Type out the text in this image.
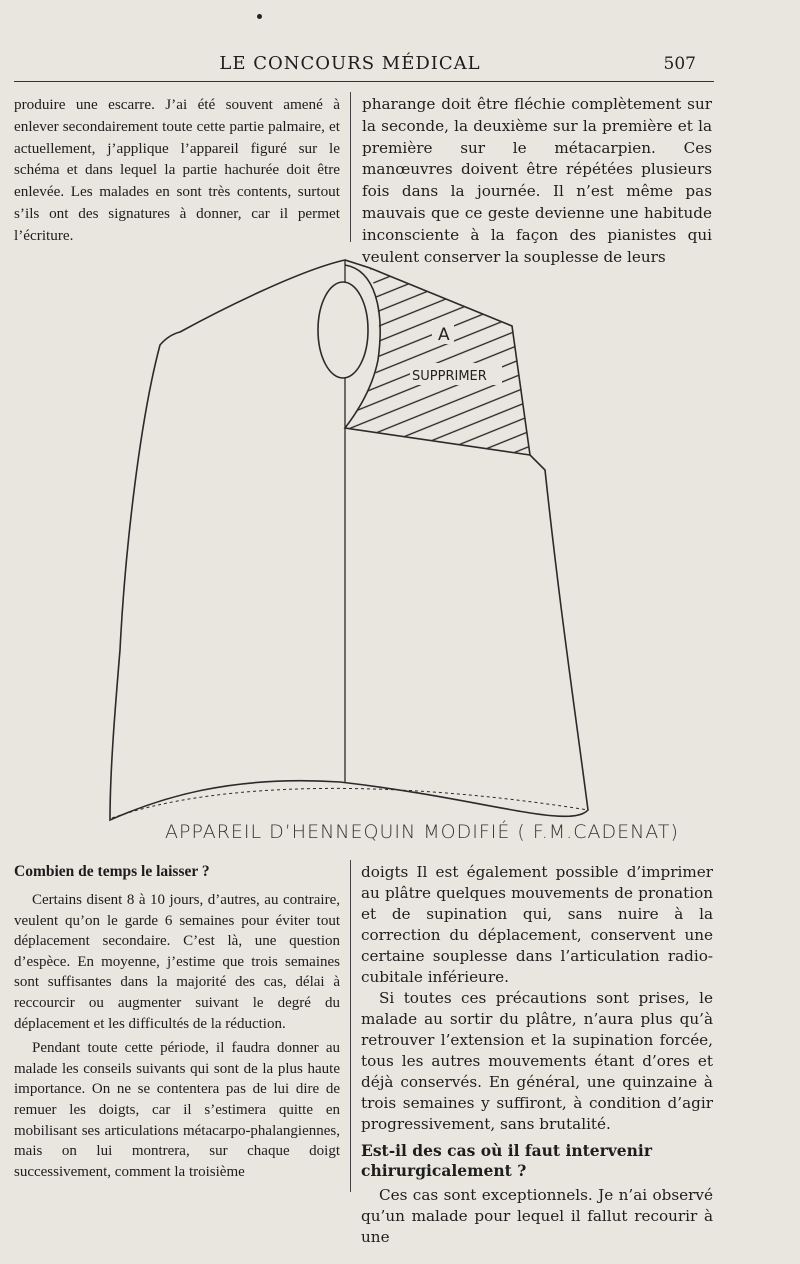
LE CONCOURS MÉDICAL	507

produire une escarre. J’ai été souvent amené à enlever secondairement toute cette partie palmaire, et actuellement, j’applique l’appareil figuré sur le schéma et dans lequel la partie hachurée doit être enlevée. Les malades en sont très contents, surtout s’ils ont des signatures à donner, car il permet l’écriture.

pharange doit être fléchie complètement sur la seconde, la deuxième sur la première et la première sur le métacarpien. Ces manœuvres doivent être répétées plusieurs fois dans la journée. Il n’est même pas mauvais que ce geste devienne une habitude inconsciente à la façon des pianistes qui veulent conserver la souplesse de leurs

A
SUPPRIMER
APPAREIL D’HENNEQUIN MODIFIÉ ( F.M.CADENAT)
Combien de temps le laisser ?

Certains disent 8 à 10 jours, d’autres, au contraire, veulent qu’on le garde 6 semaines pour éviter tout déplacement secondaire. C’est là, une question d’espèce. En moyenne, j’estime que trois semaines sont suffisantes dans la majorité des cas, délai à reccourcir ou augmenter suivant le degré du déplacement et les difficultés de la réduction.

Pendant toute cette période, il faudra donner au malade les conseils suivants qui sont de la plus haute importance. On ne se contentera pas de lui dire de remuer les doigts, car il s’estimera quitte en mobilisant ses articulations métacarpo-phalangiennes, mais on lui montrera, sur chaque doigt successivement, comment la troisième

doigts Il est également possible d’imprimer au plâtre quelques mouvements de pronation et de supination qui, sans nuire à la correction du déplacement, conservent une certaine souplesse dans l’articulation radio-cubitale inférieure.

Si toutes ces précautions sont prises, le malade au sortir du plâtre, n’aura plus qu’à retrouver l’extension et la supination forcée, tous les autres mouvements étant d’ores et déjà conservés. En général, une quinzaine à trois semaines y suffiront, à condition d’agir progressivement, sans brutalité.

Est-il des cas où il faut intervenir chirurgicalement ?

Ces cas sont exceptionnels. Je n’ai observé qu’un malade pour lequel il fallut recourir à une
